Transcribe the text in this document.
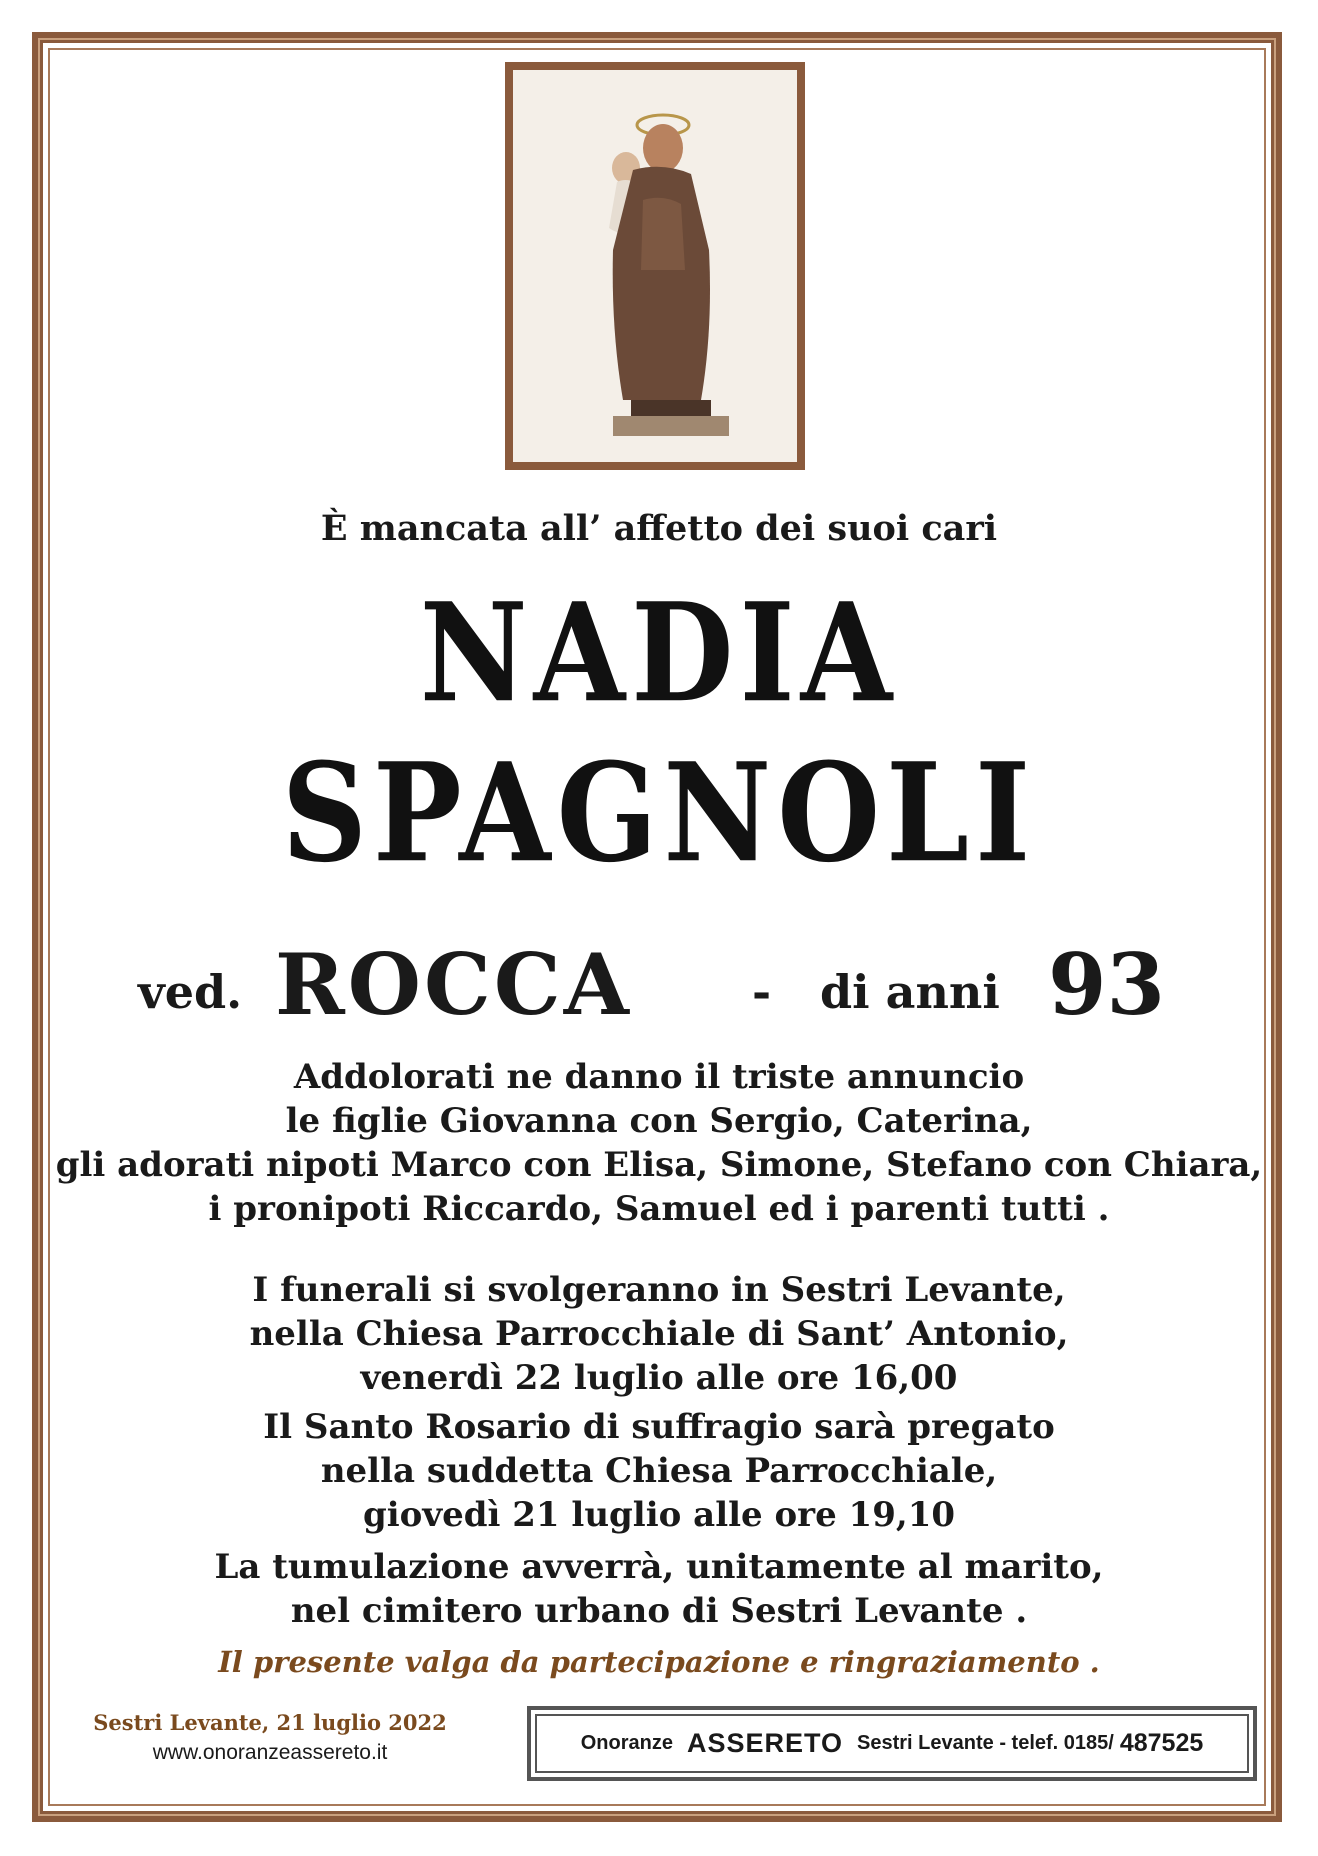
È mancata all’ affetto dei suoi cari
NADIA
SPAGNOLI
ved. ROCCA	- di anni 93
Addolorati ne danno il triste annuncio
le figlie Giovanna con Sergio, Caterina,
gli adorati nipoti Marco con Elisa, Simone, Stefano con Chiara,
i pronipoti Riccardo, Samuel ed i parenti tutti .
I funerali si svolgeranno in Sestri Levante,
nella Chiesa Parrocchiale di Sant’ Antonio,
venerdì 22 luglio alle ore 16,00
Il Santo Rosario di suffragio sarà pregato
nella suddetta Chiesa Parrocchiale,
giovedì 21 luglio alle ore 19,10
La tumulazione avverrà, unitamente al marito,
nel cimitero urbano di Sestri Levante .
Il presente valga da partecipazione e ringraziamento .
Sestri Levante, 21 luglio 2022
www.onoranzeassereto.it	Onoranze ASSERETO Sestri Levante - telef. 0185/ 487525
